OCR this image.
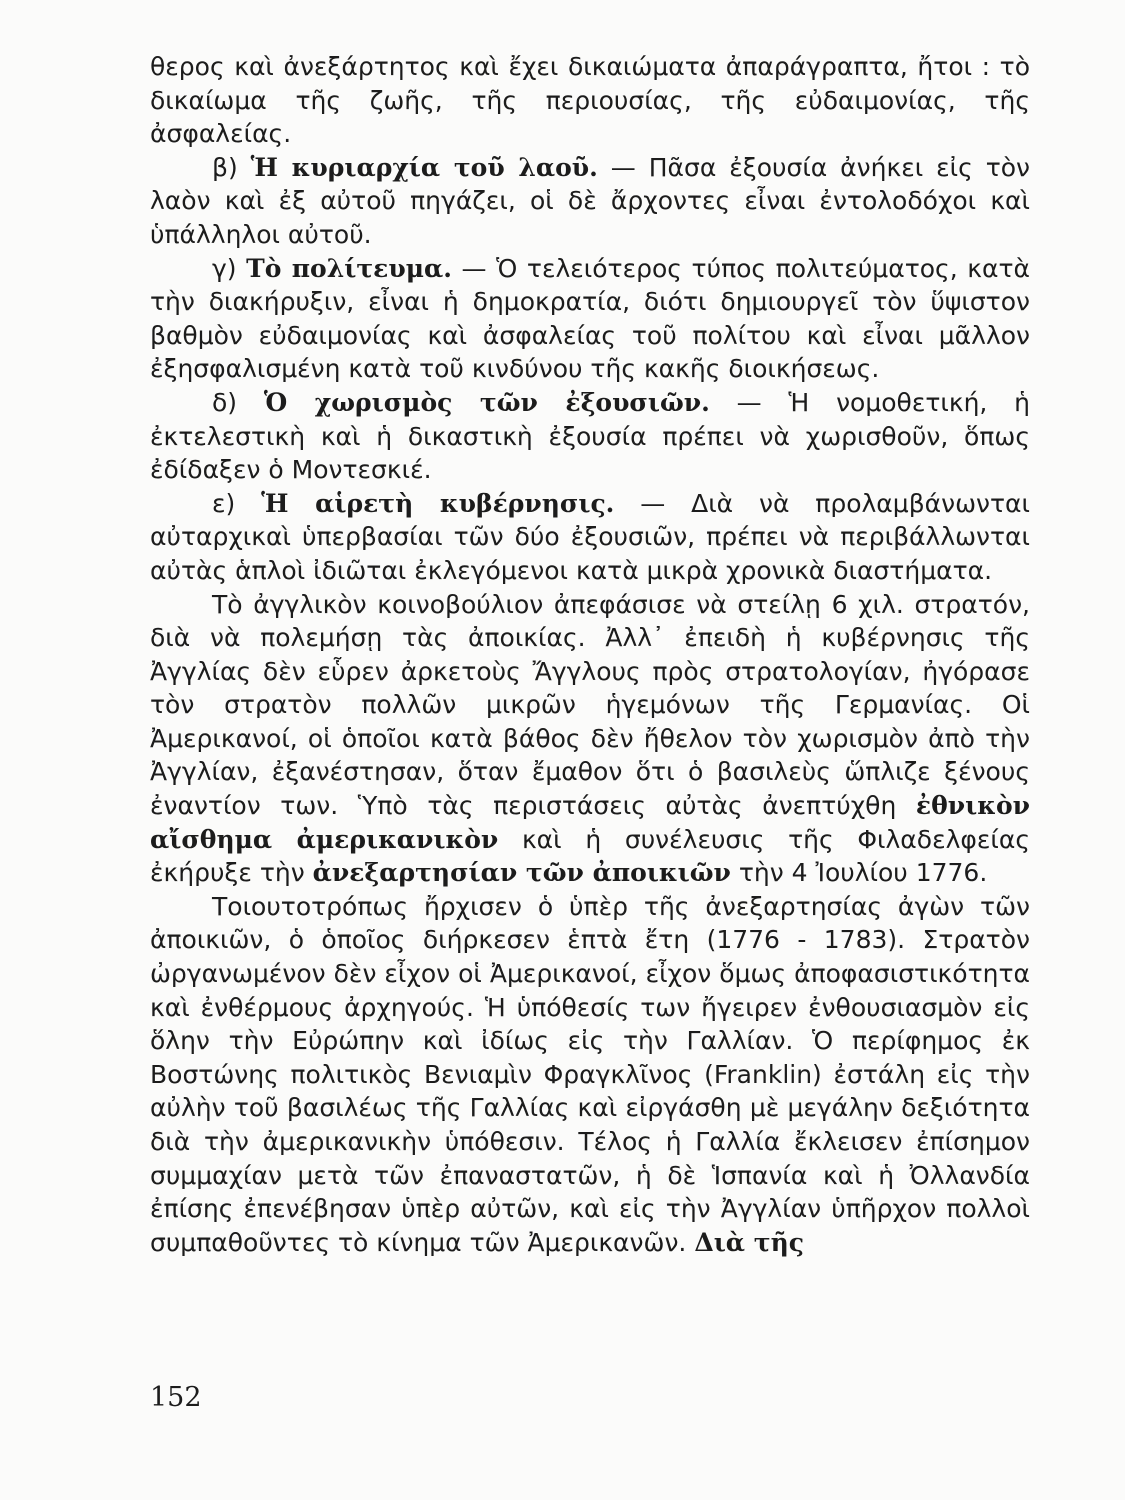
θερος καὶ ἀνεξάρτητος καὶ ἔχει δικαιώματα ἀπαράγραπτα, ἤτοι : τὸ δικαίωμα τῆς ζωῆς, τῆς περιουσίας, τῆς εὐδαιμονίας, τῆς ἀσφαλείας.

β) Ἡ κυριαρχία τοῦ λαοῦ. — Πᾶσα ἐξουσία ἀνήκει εἰς τὸν λαὸν καὶ ἐξ αὐτοῦ πηγάζει, οἱ δὲ ἄρχοντες εἶναι ἐντολοδόχοι καὶ ὑπάλληλοι αὐτοῦ.

γ) Τὸ πολίτευμα. — Ὁ τελειότερος τύπος πολιτεύματος, κατὰ τὴν διακήρυξιν, εἶναι ἡ δημοκρατία, διότι δημιουργεῖ τὸν ὕψιστον βαθμὸν εὐδαιμονίας καὶ ἀσφαλείας τοῦ πολίτου καὶ εἶναι μᾶλλον ἐξησφαλισμένη κατὰ τοῦ κινδύνου τῆς κακῆς διοικήσεως.

δ) Ὁ χωρισμὸς τῶν ἐξουσιῶν. — Ἡ νομοθετική, ἡ ἐκτελεστικὴ καὶ ἡ δικαστικὴ ἐξουσία πρέπει νὰ χωρισθοῦν, ὅπως ἐδίδαξεν ὁ Μοντεσκιέ.

ε) Ἡ αἱρετὴ κυβέρνησις. — Διὰ νὰ προλαμβάνωνται αὐταρχικαὶ ὑπερβασίαι τῶν δύο ἐξουσιῶν, πρέπει νὰ περιβάλλωνται αὐτὰς ἁπλοὶ ἰδιῶται ἐκλεγόμενοι κατὰ μικρὰ χρονικὰ διαστήματα.

Τὸ ἀγγλικὸν κοινοβούλιον ἀπεφάσισε νὰ στείλῃ 6 χιλ. στρατόν, διὰ νὰ πολεμήσῃ τὰς ἀποικίας. Ἀλλ᾽ ἐπειδὴ ἡ κυβέρνησις τῆς Ἀγγλίας δὲν εὗρεν ἀρκετοὺς Ἄγγλους πρὸς στρατολογίαν, ἠγόρασε τὸν στρατὸν πολλῶν μικρῶν ἡγεμόνων τῆς Γερμανίας. Οἱ Ἀμερικανοί, οἱ ὁποῖοι κατὰ βάθος δὲν ἤθελον τὸν χωρισμὸν ἀπὸ τὴν Ἀγγλίαν, ἐξανέστησαν, ὅταν ἔμαθον ὅτι ὁ βασιλεὺς ὥπλιζε ξένους ἐναντίον των. Ὑπὸ τὰς περιστάσεις αὐτὰς ἀνεπτύχθη ἐθνικὸν αἴσθημα ἀμερικανικὸν καὶ ἡ συνέλευσις τῆς Φιλαδελφείας ἐκήρυξε τὴν ἀνεξαρτησίαν τῶν ἀποικιῶν τὴν 4 Ἰουλίου 1776.

Τοιουτοτρόπως ἤρχισεν ὁ ὑπὲρ τῆς ἀνεξαρτησίας ἀγὼν τῶν ἀποικιῶν, ὁ ὁποῖος διήρκεσεν ἑπτὰ ἔτη (1776 - 1783). Στρατὸν ὠργανωμένον δὲν εἶχον οἱ Ἀμερικανοί, εἶχον ὅμως ἀποφασιστικότητα καὶ ἐνθέρμους ἀρχηγούς. Ἡ ὑπόθεσίς των ἤγειρεν ἐνθουσιασμὸν εἰς ὅλην τὴν Εὐρώπην καὶ ἰδίως εἰς τὴν Γαλλίαν. Ὁ περίφημος ἐκ Βοστώνης πολιτικὸς Βενιαμὶν Φραγκλῖνος (Franklin) ἐστάλη εἰς τὴν αὐλὴν τοῦ βασιλέως τῆς Γαλλίας καὶ εἰργάσθη μὲ μεγάλην δεξιότητα διὰ τὴν ἀμερικανικὴν ὑπόθεσιν. Τέλος ἡ Γαλλία ἔκλεισεν ἐπίσημον συμμαχίαν μετὰ τῶν ἐπαναστατῶν, ἡ δὲ Ἱσπανία καὶ ἡ Ὀλλανδία ἐπίσης ἐπενέβησαν ὑπὲρ αὐτῶν, καὶ εἰς τὴν Ἀγγλίαν ὑπῆρχον πολλοὶ συμπαθοῦντες τὸ κίνημα τῶν Ἀμερικανῶν. Διὰ τῆς

152
